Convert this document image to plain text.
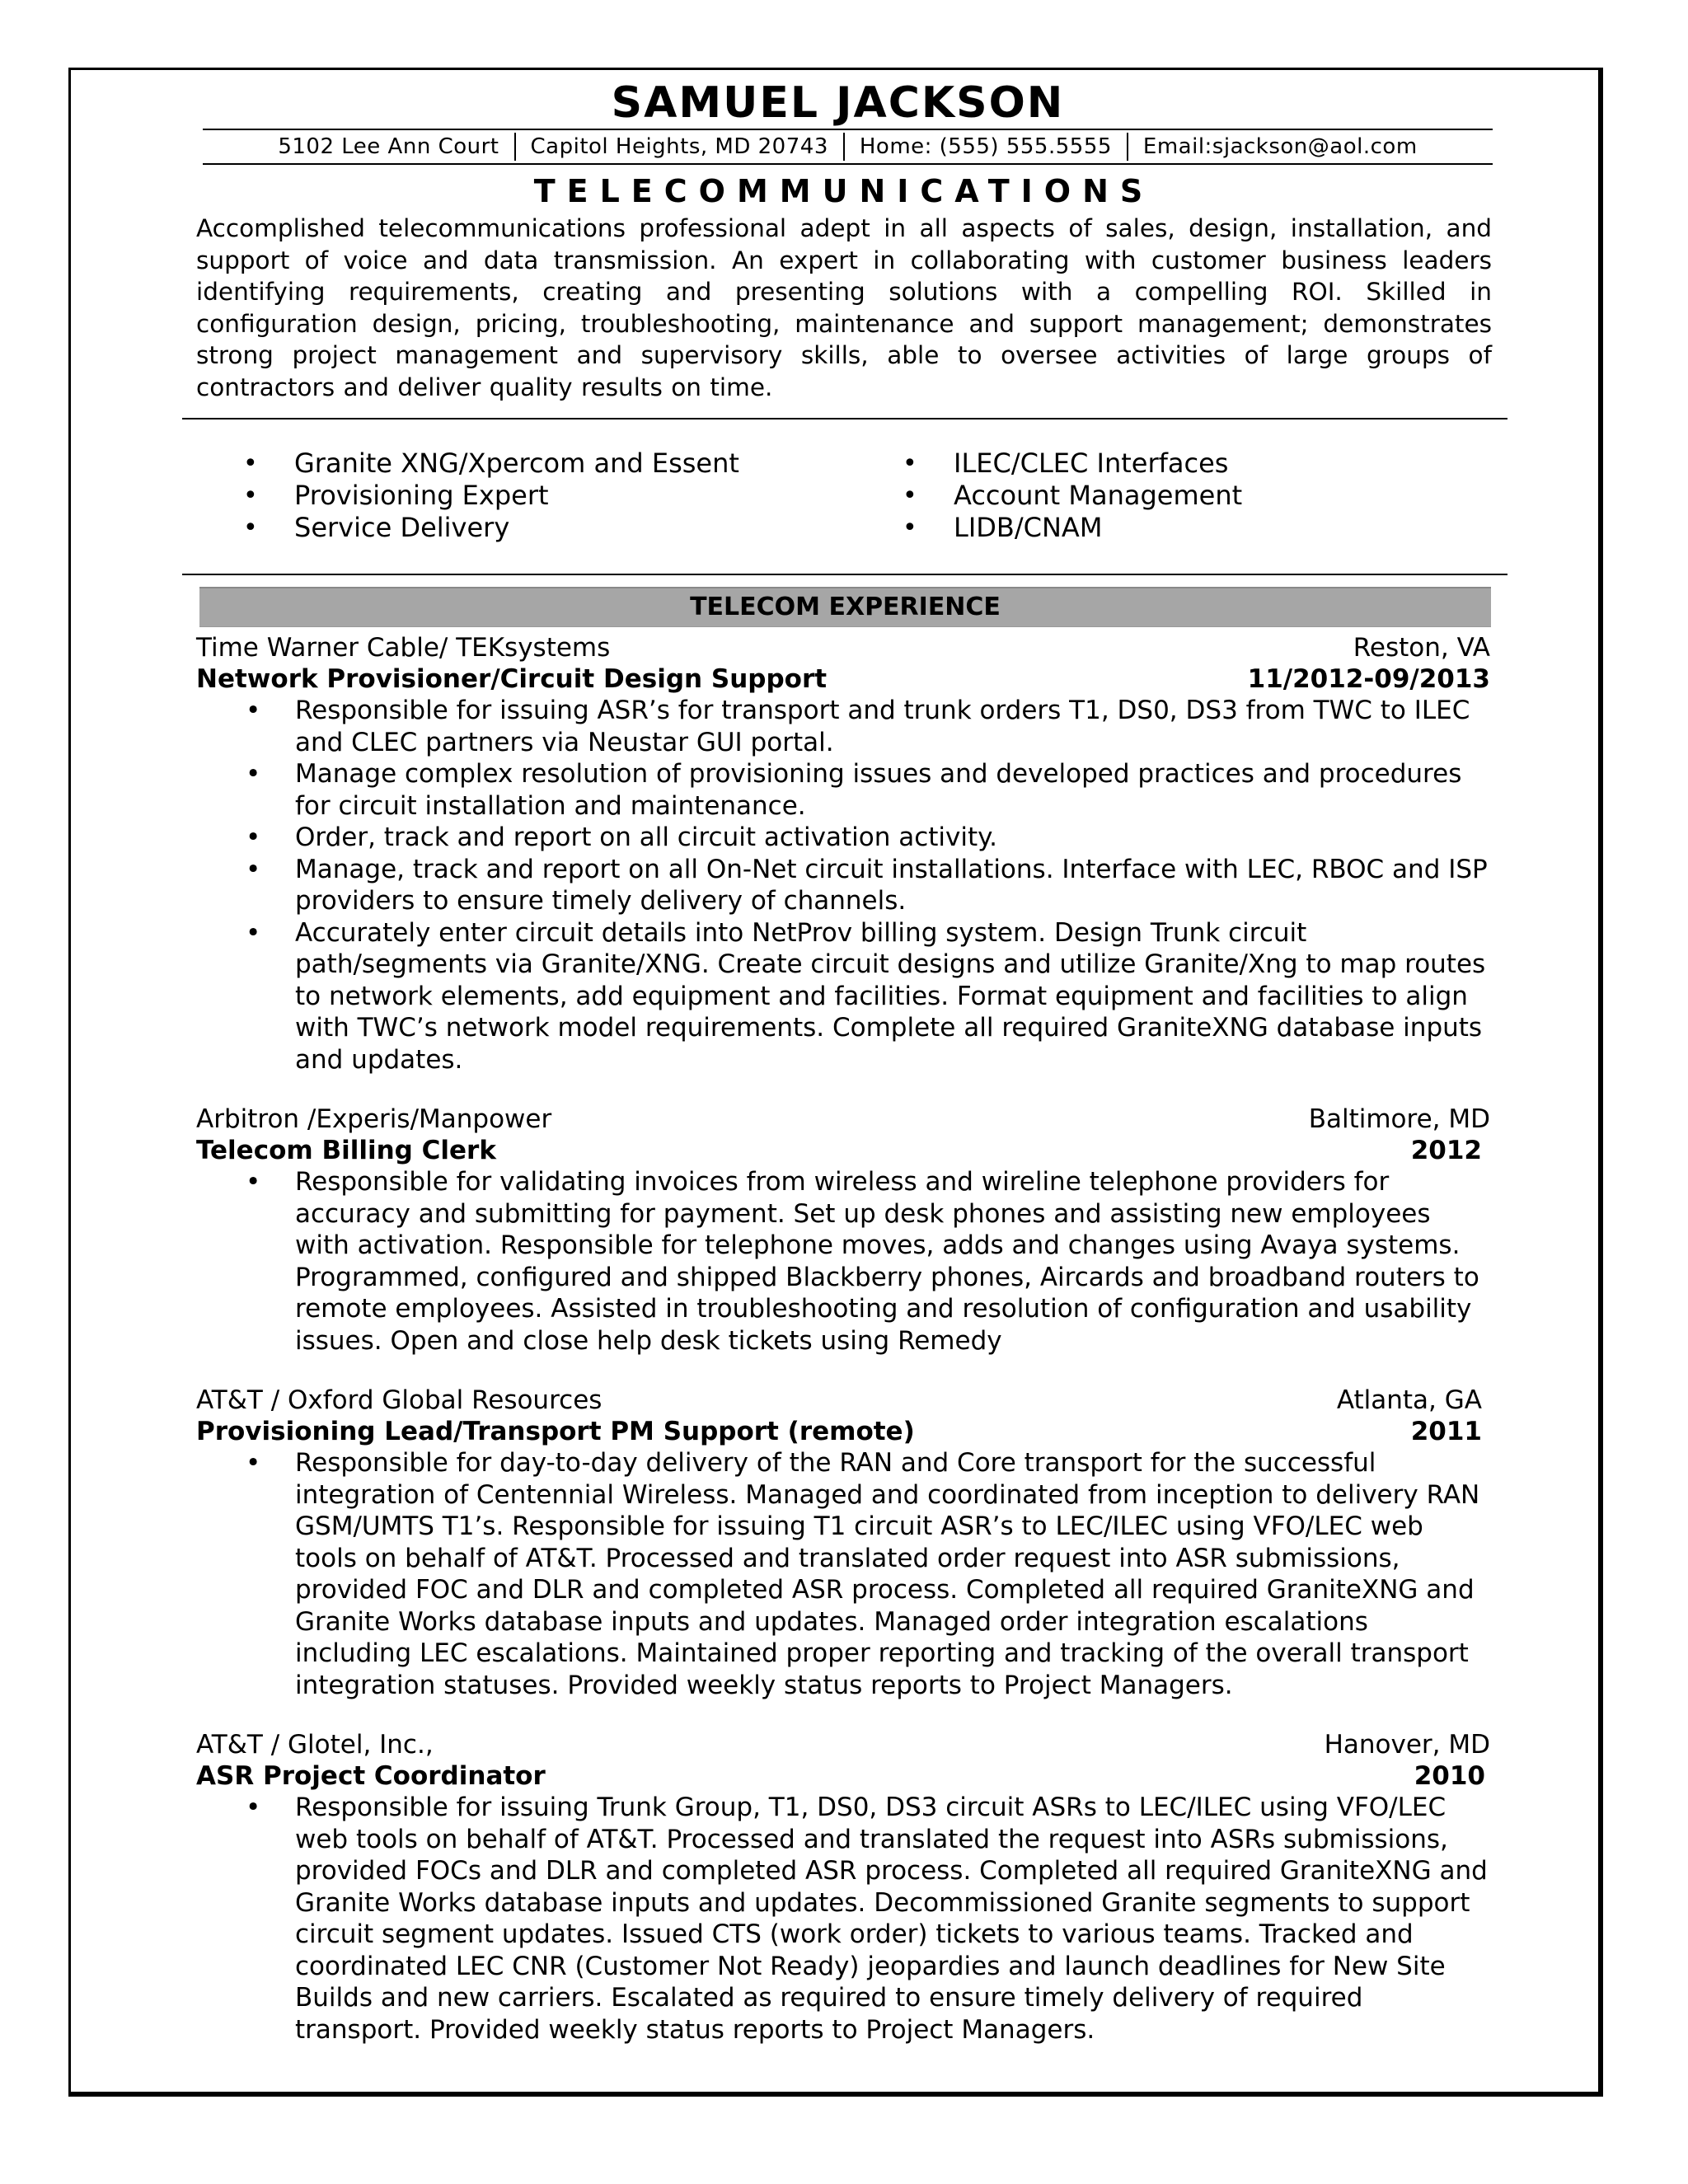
SAMUEL JACKSON
5102 Lee Ann Court	Capitol Heights, MD 20743	Home: (555) 555.5555	Email:sjackson@aol.com
TELECOMMUNICATIONS
Accomplished telecommunications professional adept in all aspects of sales, design, installation, and support of voice and data transmission. An expert in collaborating with customer business leaders identifying requirements, creating and presenting solutions with a compelling ROI. Skilled in configuration design, pricing, troubleshooting, maintenance and support management; demonstrates strong project management and supervisory skills, able to oversee activities of large groups of contractors and deliver quality results on time.
• Granite XNG/Xpercom and Essent
• Provisioning Expert
• Service Delivery
• ILEC/CLEC Interfaces
• Account Management
• LIDB/CNAM
TELECOM EXPERIENCE
Time Warner Cable/ TEKsystems	Reston, VA
Network Provisioner/Circuit Design Support	11/2012-09/2013
• Responsible for issuing ASR’s for transport and trunk orders T1, DS0, DS3 from TWC to ILEC and CLEC partners via Neustar GUI portal.
• Manage complex resolution of provisioning issues and developed practices and procedures for circuit installation and maintenance.
• Order, track and report on all circuit activation activity.
• Manage, track and report on all On-Net circuit installations. Interface with LEC, RBOC and ISP providers to ensure timely delivery of channels.
• Accurately enter circuit details into NetProv billing system. Design Trunk circuit path/segments via Granite/XNG. Create circuit designs and utilize Granite/Xng to map routes to network elements, add equipment and facilities. Format equipment and facilities to align with TWC’s network model requirements. Complete all required GraniteXNG database inputs and updates.
Arbitron /Experis/Manpower	Baltimore, MD
Telecom Billing Clerk	2012
• Responsible for validating invoices from wireless and wireline telephone providers for accuracy and submitting for payment. Set up desk phones and assisting new employees with activation. Responsible for telephone moves, adds and changes using Avaya systems. Programmed, configured and shipped Blackberry phones, Aircards and broadband routers to remote employees. Assisted in troubleshooting and resolution of configuration and usability issues. Open and close help desk tickets using Remedy
AT&T / Oxford Global Resources	Atlanta, GA
Provisioning Lead/Transport PM Support (remote)	2011
• Responsible for day-to-day delivery of the RAN and Core transport for the successful integration of Centennial Wireless. Managed and coordinated from inception to delivery RAN GSM/UMTS T1’s. Responsible for issuing T1 circuit ASR’s to LEC/ILEC using VFO/LEC web tools on behalf of AT&T. Processed and translated order request into ASR submissions, provided FOC and DLR and completed ASR process. Completed all required GraniteXNG and Granite Works database inputs and updates. Managed order integration escalations including LEC escalations. Maintained proper reporting and tracking of the overall transport integration statuses. Provided weekly status reports to Project Managers.
AT&T / Glotel, Inc.,	Hanover, MD
ASR Project Coordinator	2010
• Responsible for issuing Trunk Group, T1, DS0, DS3 circuit ASRs to LEC/ILEC using VFO/LEC web tools on behalf of AT&T. Processed and translated the request into ASRs submissions, provided FOCs and DLR and completed ASR process. Completed all required GraniteXNG and Granite Works database inputs and updates. Decommissioned Granite segments to support circuit segment updates. Issued CTS (work order) tickets to various teams. Tracked and coordinated LEC CNR (Customer Not Ready) jeopardies and launch deadlines for New Site Builds and new carriers. Escalated as required to ensure timely delivery of required transport. Provided weekly status reports to Project Managers.
